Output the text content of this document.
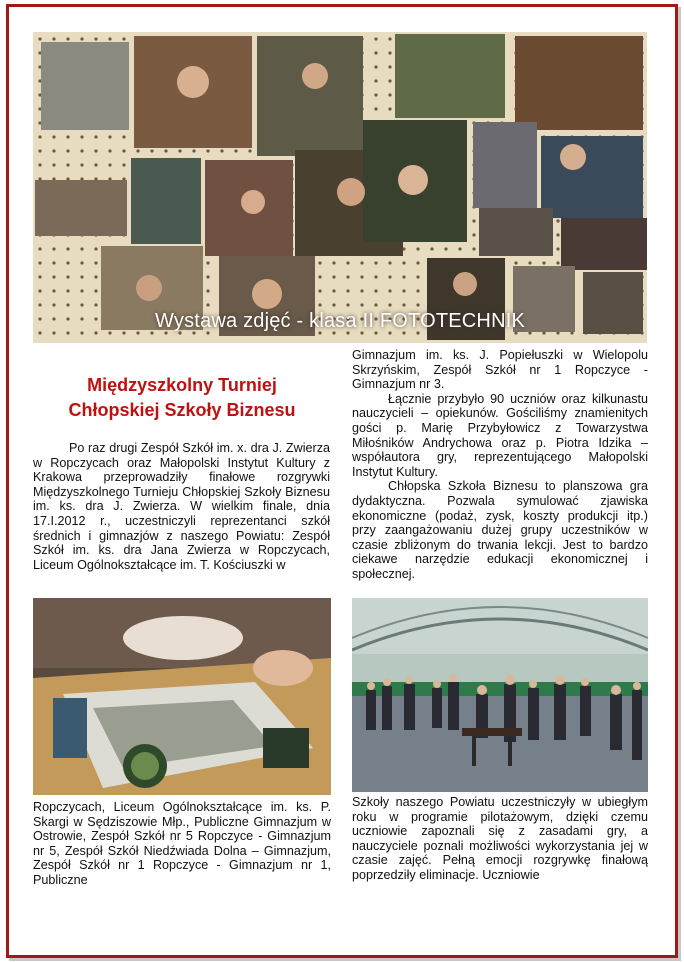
Wystawa zdjęć - klasa II FOTOTECHNIK
Międzyszkolny Turniej
Chłopskiej Szkoły Biznesu

Po raz drugi Zespół Szkół im. x. dra J. Zwierza w Ropczycach oraz Małopolski Instytut Kultury z Krakowa przeprowadziły finałowe rozgrywki Międzyszkolnego Turnieju Chłopskiej Szkoły Biznesu im. ks. dra J. Zwierza. W wielkim finale, dnia 17.I.2012 r., uczestniczyli reprezentanci szkół średnich i gimnazjów z naszego Powiatu: Zespół Szkół im. ks. dra Jana Zwierza w Ropczycach, Liceum Ogólnokształcące im. T. Kościuszki w

Ropczycach, Liceum Ogólnokształcące im. ks. P. Skargi w Sędziszowie Młp., Publiczne Gimnazjum w Ostrowie, Zespół Szkół nr 5 Ropczyce - Gimnazjum nr 5, Zespół Szkół Niedźwiada Dolna – Gimnazjum, Zespół Szkół nr 1 Ropczyce - Gimnazjum nr 1, Publiczne

Gimnazjum im. ks. J. Popiełuszki w Wielopolu Skrzyńskim, Zespół Szkół nr 1 Ropczyce - Gimnazjum nr 3.
Łącznie przybyło 90 uczniów oraz kilkunastu nauczycieli – opiekunów. Gościliśmy znamienitych gości p. Marię Przybyłowicz z Towarzystwa Miłośników Andrychowa oraz p. Piotra Idzika – współautora gry, reprezentującego Małopolski Instytut Kultury.
Chłopska Szkoła Biznesu to planszowa gra dydaktyczna. Pozwala symulować zjawiska ekonomiczne (podaż, zysk, koszty produkcji itp.) przy zaangażowaniu dużej grupy uczestników w czasie zbliżonym do trwania lekcji. Jest to bardzo ciekawe narzędzie edukacji ekonomicznej i społecznej.

Szkoły naszego Powiatu uczestniczyły w ubiegłym roku w programie pilotażowym, dzięki czemu uczniowie zapoznali się z zasadami gry, a nauczyciele poznali możliwości wykorzystania jej w czasie zajęć. Pełną emocji rozgrywkę finałową poprzedziły eliminacje. Uczniowie
